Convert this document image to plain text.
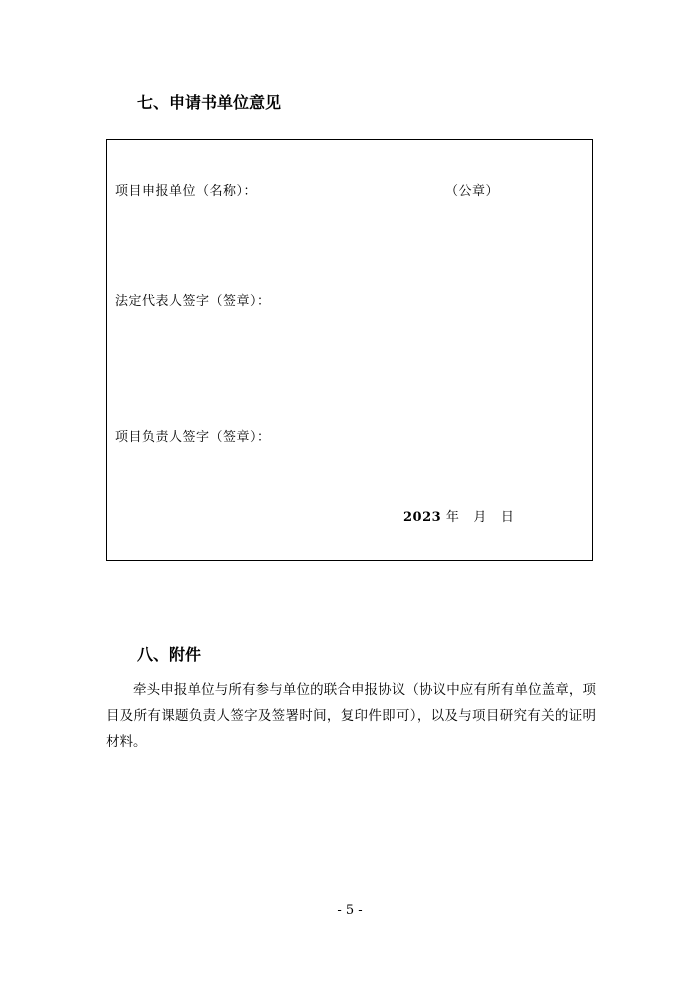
七、申请书单位意见
项目申报单位（名称）：	（公章）
法定代表人签字（签章）：
项目负责人签字（签章）：
2023 年 月 日
八、附件
牵头申报单位与所有参与单位的联合申报协议（协议中应有所有单位盖章，项目及所有课题负责人签字及签署时间，复印件即可），以及与项目研究有关的证明材料。
- 5 -
